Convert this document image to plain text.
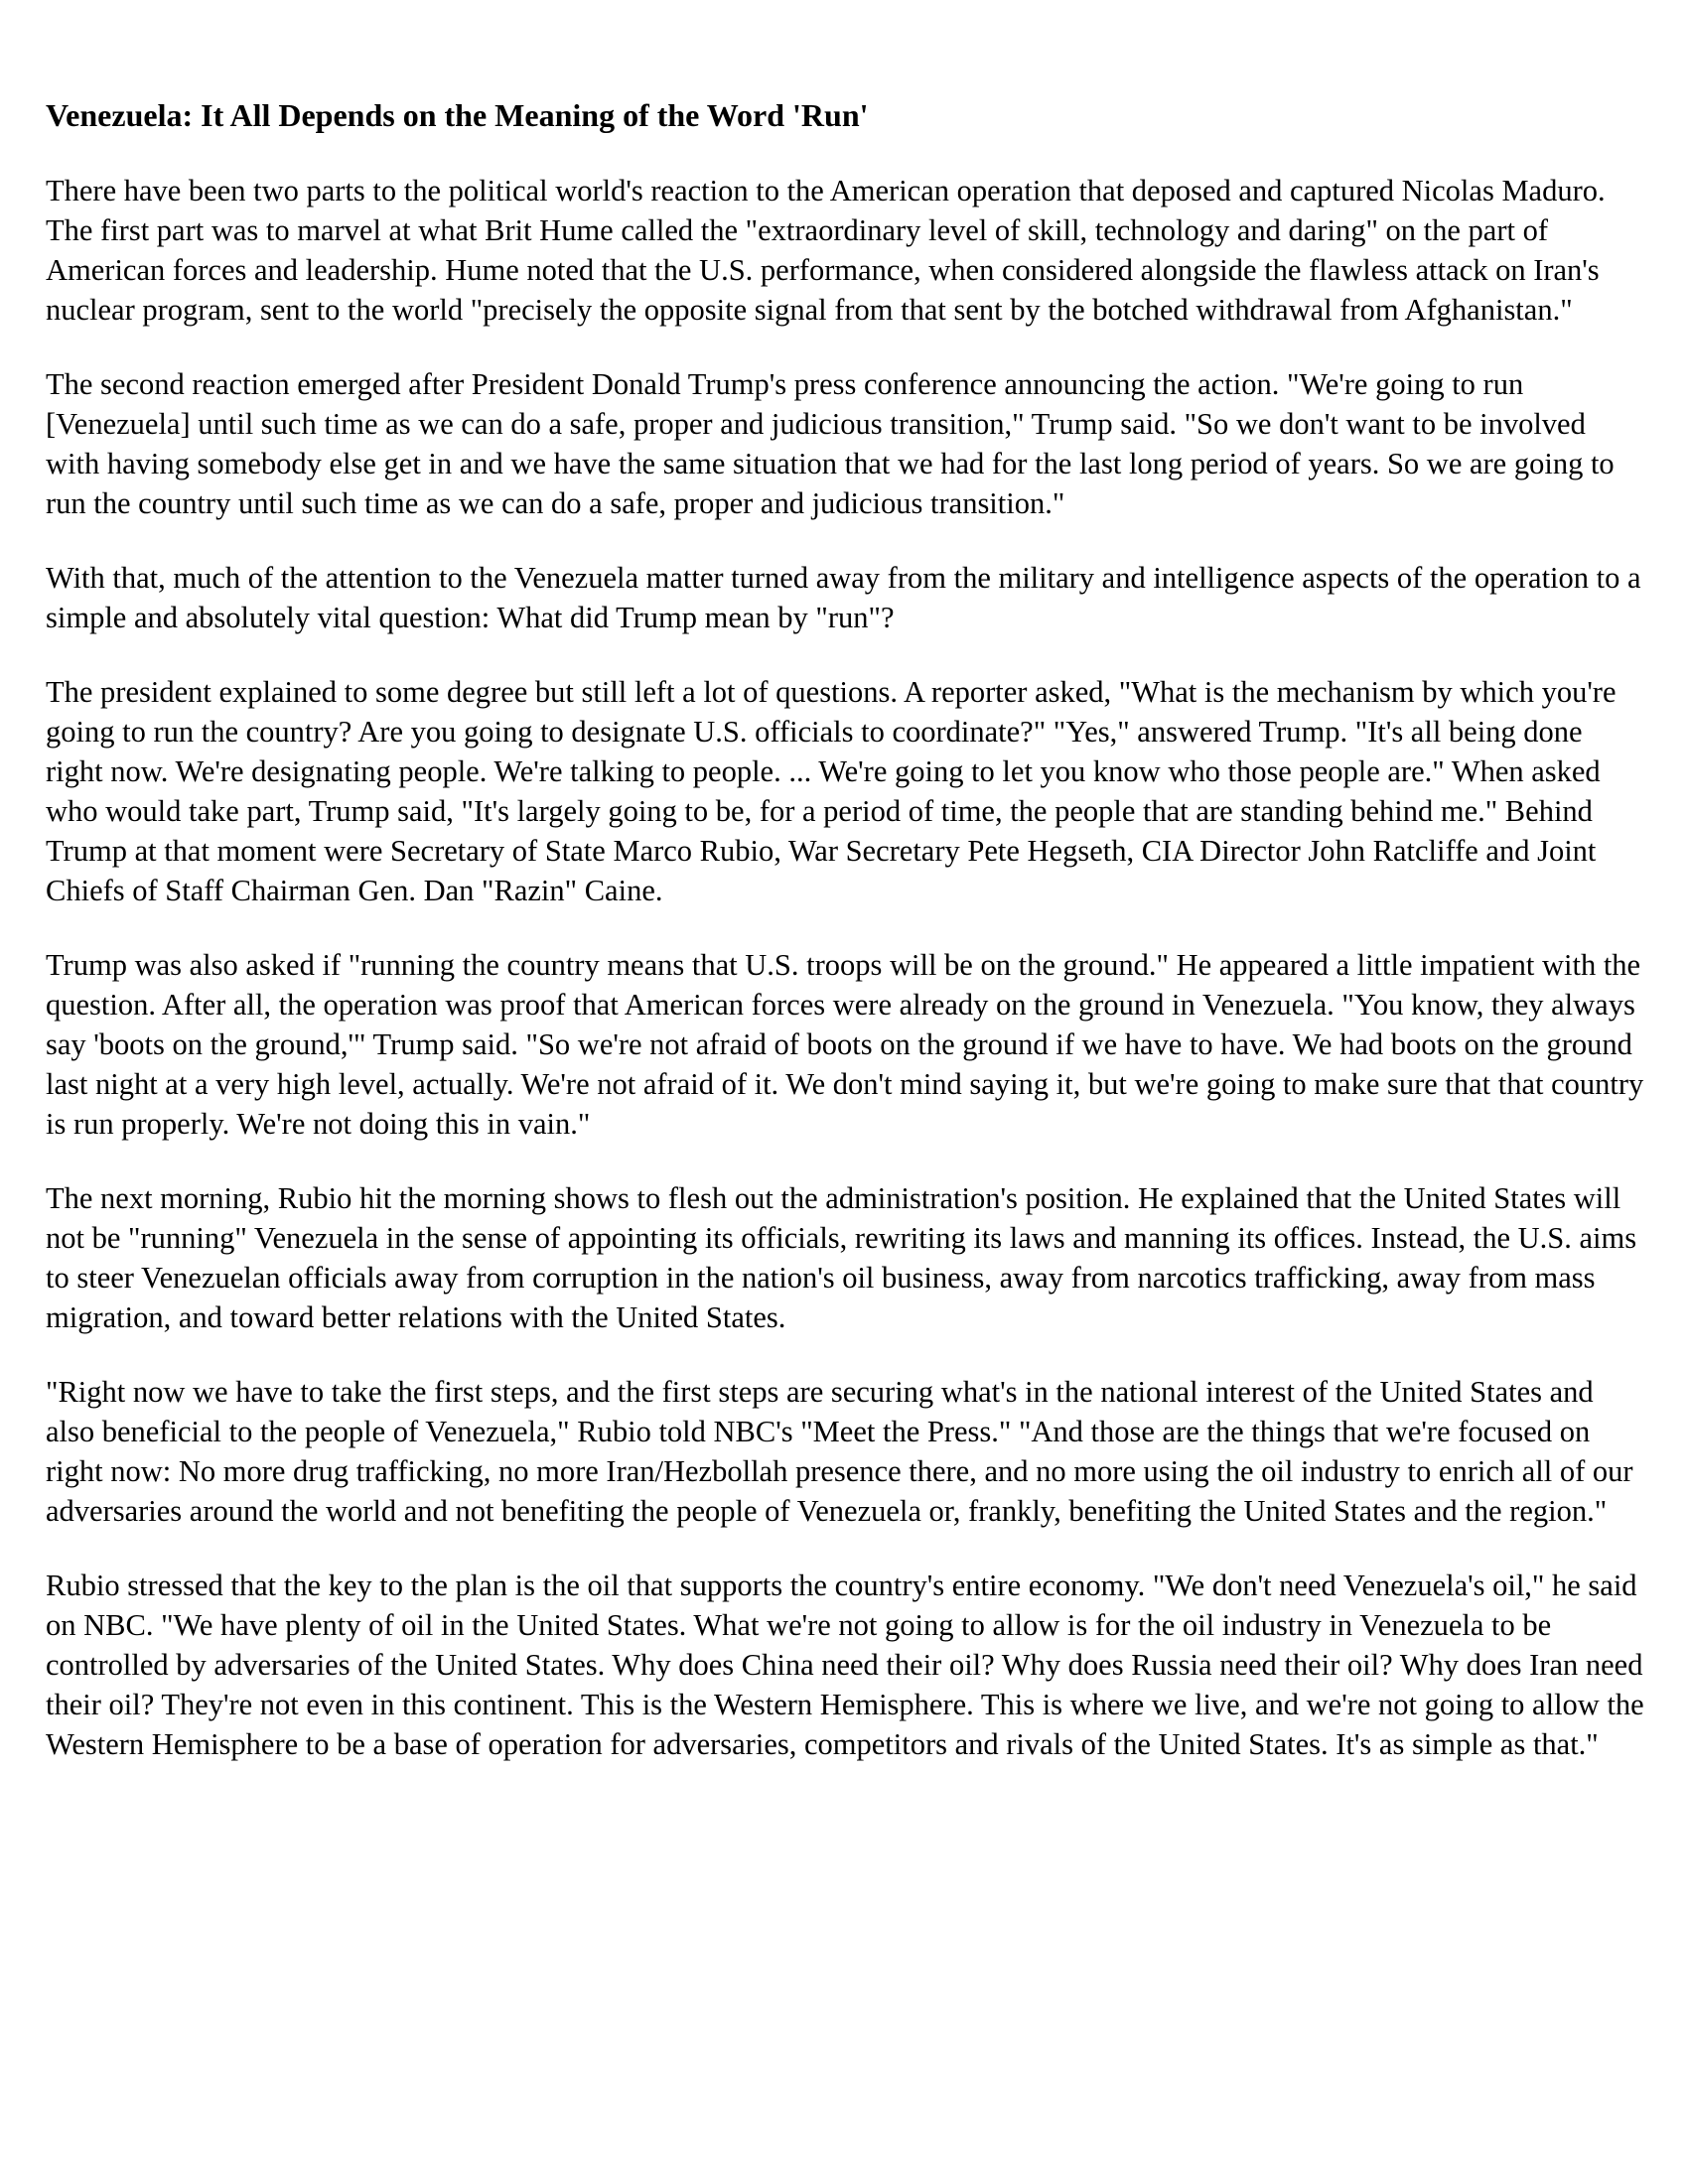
Venezuela: It All Depends on the Meaning of the Word 'Run'

There have been two parts to the political world's reaction to the American operation that deposed and captured Nicolas Maduro. The first part was to marvel at what Brit Hume called the "extraordinary level of skill, technology and daring" on the part of American forces and leadership. Hume noted that the U.S. performance, when considered alongside the flawless attack on Iran's nuclear program, sent to the world "precisely the opposite signal from that sent by the botched withdrawal from Afghanistan."

The second reaction emerged after President Donald Trump's press conference announcing the action. "We're going to run [Venezuela] until such time as we can do a safe, proper and judicious transition," Trump said. "So we don't want to be involved with having somebody else get in and we have the same situation that we had for the last long period of years. So we are going to run the country until such time as we can do a safe, proper and judicious transition."

With that, much of the attention to the Venezuela matter turned away from the military and intelligence aspects of the operation to a simple and absolutely vital question: What did Trump mean by "run"?

The president explained to some degree but still left a lot of questions. A reporter asked, "What is the mechanism by which you're going to run the country? Are you going to designate U.S. officials to coordinate?" "Yes," answered Trump. "It's all being done right now. We're designating people. We're talking to people. ... We're going to let you know who those people are." When asked who would take part, Trump said, "It's largely going to be, for a period of time, the people that are standing behind me." Behind Trump at that moment were Secretary of State Marco Rubio, War Secretary Pete Hegseth, CIA Director John Ratcliffe and Joint Chiefs of Staff Chairman Gen. Dan "Razin" Caine.

Trump was also asked if "running the country means that U.S. troops will be on the ground." He appeared a little impatient with the question. After all, the operation was proof that American forces were already on the ground in Venezuela. "You know, they always say 'boots on the ground,'" Trump said. "So we're not afraid of boots on the ground if we have to have. We had boots on the ground last night at a very high level, actually. We're not afraid of it. We don't mind saying it, but we're going to make sure that that country is run properly. We're not doing this in vain."

The next morning, Rubio hit the morning shows to flesh out the administration's position. He explained that the United States will not be "running" Venezuela in the sense of appointing its officials, rewriting its laws and manning its offices. Instead, the U.S. aims to steer Venezuelan officials away from corruption in the nation's oil business, away from narcotics trafficking, away from mass migration, and toward better relations with the United States.

"Right now we have to take the first steps, and the first steps are securing what's in the national interest of the United States and also beneficial to the people of Venezuela," Rubio told NBC's "Meet the Press." "And those are the things that we're focused on right now: No more drug trafficking, no more Iran/Hezbollah presence there, and no more using the oil industry to enrich all of our adversaries around the world and not benefiting the people of Venezuela or, frankly, benefiting the United States and the region."

Rubio stressed that the key to the plan is the oil that supports the country's entire economy. "We don't need Venezuela's oil," he said on NBC. "We have plenty of oil in the United States. What we're not going to allow is for the oil industry in Venezuela to be controlled by adversaries of the United States. Why does China need their oil? Why does Russia need their oil? Why does Iran need their oil? They're not even in this continent. This is the Western Hemisphere. This is where we live, and we're not going to allow the Western Hemisphere to be a base of operation for adversaries, competitors and rivals of the United States. It's as simple as that."
